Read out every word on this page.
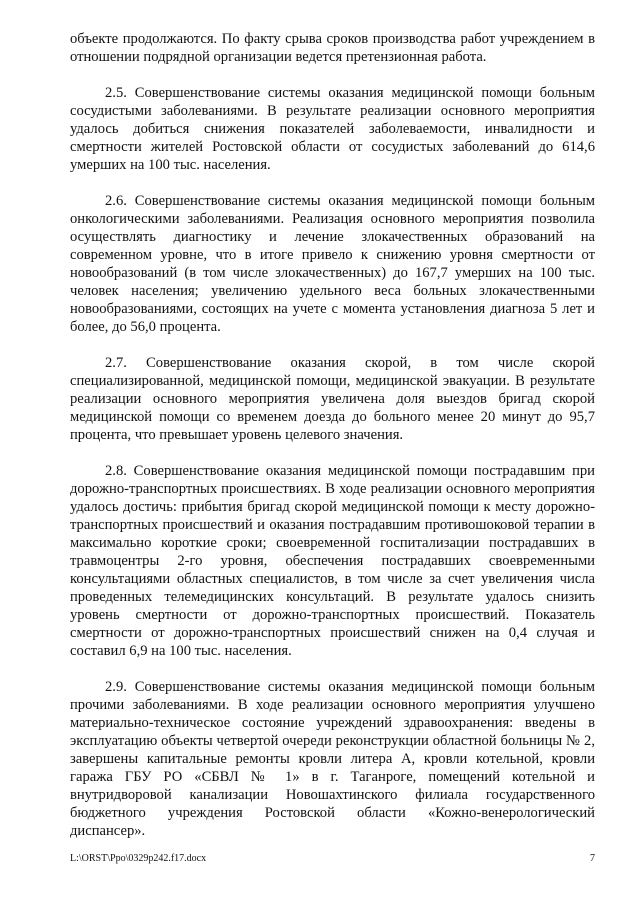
объекте продолжаются. По факту срыва сроков производства работ учреждением в отношении подрядной организации ведется претензионная работа.

2.5. Совершенствование системы оказания медицинской помощи больным сосудистыми заболеваниями. В результате реализации основного мероприятия удалось добиться снижения показателей заболеваемости, инвалидности и смертности жителей Ростовской области от сосудистых заболеваний до 614,6 умерших на 100 тыс. населения.

2.6. Совершенствование системы оказания медицинской помощи больным онкологическими заболеваниями. Реализация основного мероприятия позволила осуществлять диагностику и лечение злокачественных образований на современном уровне, что в итоге привело к снижению уровня смертности от новообразований (в том числе злокачественных) до 167,7 умерших на 100 тыс. человек населения; увеличению удельного веса больных злокачественными новообразованиями, состоящих на учете с момента установления диагноза 5 лет и более, до 56,0 процента.

2.7. Совершенствование оказания скорой, в том числе скорой специализированной, медицинской помощи, медицинской эвакуации. В результате реализации основного мероприятия увеличена доля выездов бригад скорой медицинской помощи со временем доезда до больного менее 20 минут до 95,7 процента, что превышает уровень целевого значения.

2.8. Совершенствование оказания медицинской помощи пострадавшим при дорожно-транспортных происшествиях. В ходе реализации основного мероприятия удалось достичь: прибытия бригад скорой медицинской помощи к месту дорожно-транспортных происшествий и оказания пострадавшим противошоковой терапии в максимально короткие сроки; своевременной госпитализации пострадавших в травмоцентры 2-го уровня, обеспечения пострадавших своевременными консультациями областных специалистов, в том числе за счет увеличения числа проведенных телемедицинских консультаций. В результате удалось снизить уровень смертности от дорожно-транспортных происшествий. Показатель смертности от дорожно-транспортных происшествий снижен на 0,4 случая и составил 6,9 на 100 тыс. населения.

2.9. Совершенствование системы оказания медицинской помощи больным прочими заболеваниями. В ходе реализации основного мероприятия улучшено материально-техническое состояние учреждений здравоохранения: введены в эксплуатацию объекты четвертой очереди реконструкции областной больницы № 2, завершены капитальные ремонты кровли литера А, кровли котельной, кровли гаража ГБУ РО «СБВЛ № 1» в г. Таганроге, помещений котельной и внутридворовой канализации Новошахтинского филиала государственного бюджетного учреждения Ростовской области «Кожно-венерологический диспансер».

L:\ORST\Ppo\0329p242.f17.docx	7
